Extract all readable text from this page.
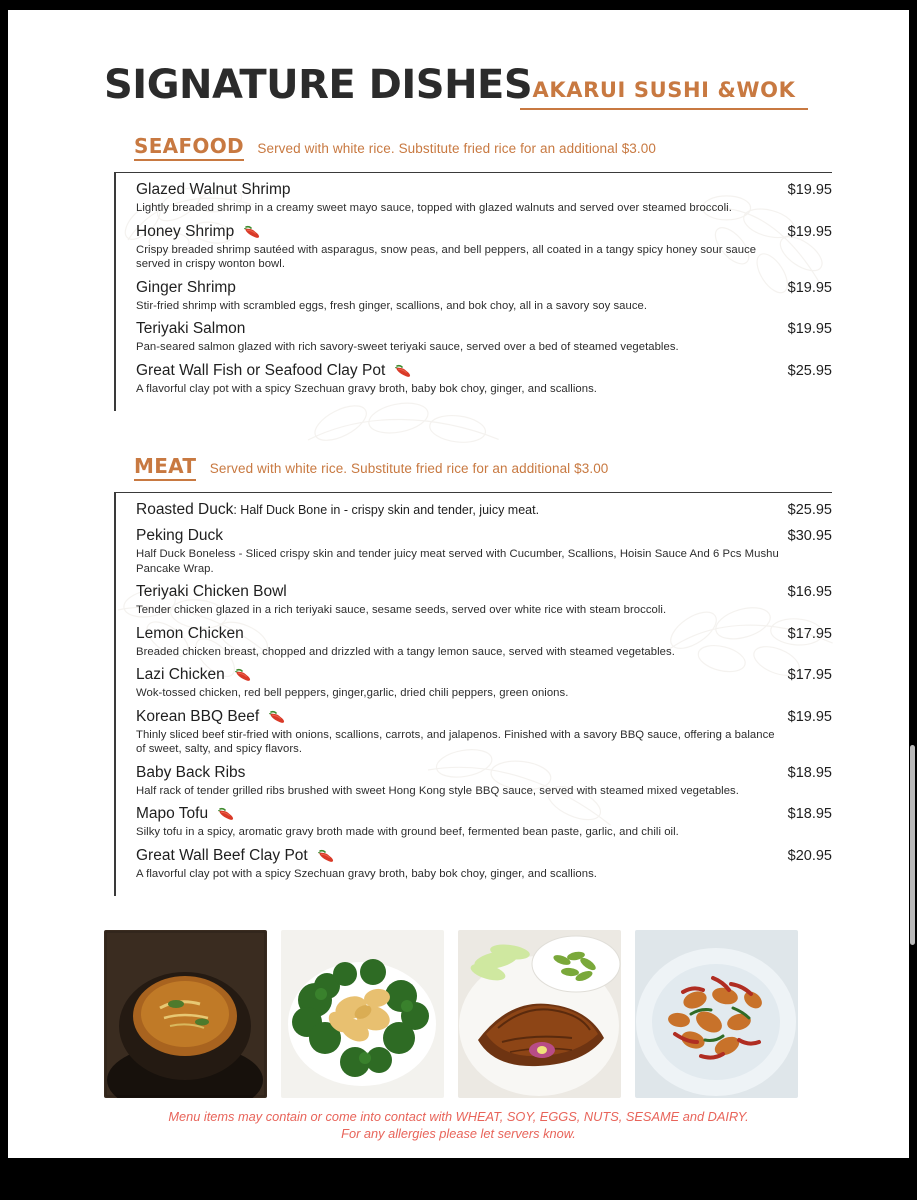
SIGNATURE DISHES AKARUI SUSHI &WOK
SEAFOOD Served with white rice. Substitute fried rice for an additional $3.00
Glazed Walnut Shrimp	$19.95
Lightly breaded shrimp in a creamy sweet mayo sauce, topped with glazed walnuts and served over steamed broccoli.
Honey Shrimp	$19.95
Crispy breaded shrimp sautéed with asparagus, snow peas, and bell peppers, all coated in a tangy spicy honey sour sauce served in crispy wonton bowl.
Ginger Shrimp	$19.95
Stir-fried shrimp with scrambled eggs, fresh ginger, scallions, and bok choy, all in a savory soy sauce.
Teriyaki Salmon	$19.95
Pan-seared salmon glazed with rich savory-sweet teriyaki sauce, served over a bed of steamed vegetables.
Great Wall Fish or Seafood Clay Pot	$25.95
A flavorful clay pot with a spicy Szechuan gravy broth, baby bok choy, ginger, and scallions.
MEAT Served with white rice. Substitute fried rice for an additional $3.00
Roasted Duck: Half Duck Bone in - crispy skin and tender, juicy meat.	$25.95
Peking Duck	$30.95
Half Duck Boneless - Sliced crispy skin and tender juicy meat served with Cucumber, Scallions, Hoisin Sauce And 6 Pcs Mushu Pancake Wrap.
Teriyaki Chicken Bowl	$16.95
Tender chicken glazed in a rich teriyaki sauce, sesame seeds, served over white rice with steam broccoli.
Lemon Chicken	$17.95
Breaded chicken breast, chopped and drizzled with a tangy lemon sauce, served with steamed vegetables.
Lazi Chicken	$17.95
Wok-tossed chicken, red bell peppers, ginger,garlic, dried chili peppers, green onions.
Korean BBQ Beef	$19.95
Thinly sliced beef stir-fried with onions, scallions, carrots, and jalapenos. Finished with a savory BBQ sauce, offering a balance of sweet, salty, and spicy flavors.
Baby Back Ribs	$18.95
Half rack of tender grilled ribs brushed with sweet Hong Kong style BBQ sauce, served with steamed mixed vegetables.
Mapo Tofu	$18.95
Silky tofu in a spicy, aromatic gravy broth made with ground beef, fermented bean paste, garlic, and chili oil.
Great Wall Beef Clay Pot	$20.95
A flavorful clay pot with a spicy Szechuan gravy broth, baby bok choy, ginger, and scallions.
Menu items may contain or come into contact with WHEAT, SOY, EGGS, NUTS, SESAME and DAIRY.
For any allergies please let servers know.
